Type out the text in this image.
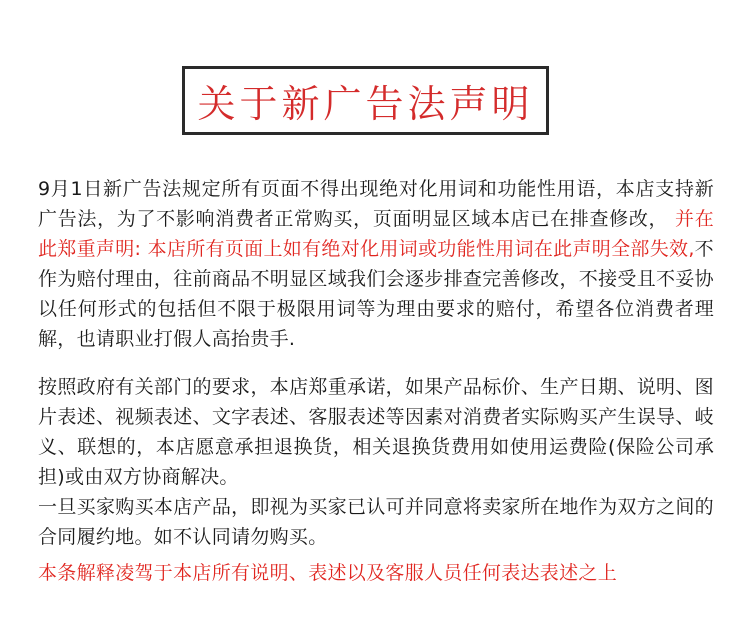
关于新广告法声明

9月1日新广告法规定所有页面不得出现绝对化用词和功能性用语，本店支持新广告法，为了不影响消费者正常购买，页面明显区域本店已在排查修改， 并在此郑重声明: 本店所有页面上如有绝对化用词或功能性用词在此声明全部失效,不作为赔付理由，往前商品不明显区域我们会逐步排查完善修改，不接受且不妥协以任何形式的包括但不限于极限用词等为理由要求的赔付，希望各位消费者理解，也请职业打假人高抬贵手.

按照政府有关部门的要求，本店郑重承诺，如果产品标价、生产日期、说明、图片表述、视频表述、文字表述、客服表述等因素对消费者实际购买产生误导、岐义、联想的，本店愿意承担退换货，相关退换货费用如使用运费险(保险公司承担)或由双方协商解决。

一旦买家购买本店产品，即视为买家已认可并同意将卖家所在地作为双方之间的合同履约地。如不认同请勿购买。

本条解释凌驾于本店所有说明、表述以及客服人员任何表达表述之上
